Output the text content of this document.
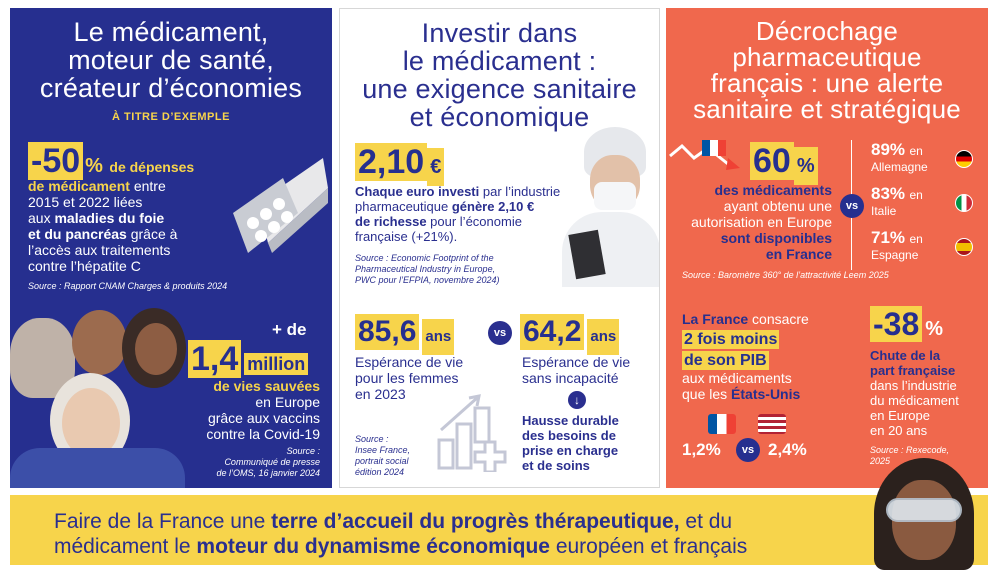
Le médicament,
moteur de santé,
créateur d’économies
À TITRE D’EXEMPLE
-50 % de dépenses
de médicament entre
2015 et 2022 liées
aux maladies du foie
et du pancréas grâce à
l’accès aux traitements
contre l’hépatite C
Source : Rapport CNAM Charges & produits 2024
+ de
1,4 million
de vies sauvées
en Europe
grâce aux vaccins
contre la Covid-19
Source :
Communiqué de presse
de l’OMS, 16 janvier 2024
Investir dans
le médicament :
une exigence sanitaire
et économique
2,10 €
Chaque euro investi par l’industrie
pharmaceutique génère 2,10 €
de richesse pour l’économie
française (+21%).
Source : Economic Footprint of the
Pharmaceutical Industry in Europe,
PWC pour l’EFPIA, novembre 2024)
85,6 ans	vs 64,2 ans
Espérance de vie
pour les femmes
en 2023
Espérance de vie
sans incapacité
↓
Hausse durable
des besoins de
prise en charge
et de soins
Source :
Insee France,
portrait social
édition 2024
Décrochage
pharmaceutique
français : une alerte
sanitaire et stratégique
60 %
des médicaments
ayant obtenu une
autorisation en Europe
sont disponibles
en France
vs
89% en
Allemagne
83% en
Italie
71% en
Espagne
Source : Baromètre 360° de l’attractivité Leem 2025
La France consacre
2 fois moins
de son PIB
aux médicaments
que les États-Unis
1,2%	vs 2,4%
-38 %
Chute de la
part française
dans l’industrie
du médicament
en Europe
en 20 ans
Source : Rexecode,
2025
Faire de la France une terre d’accueil du progrès thérapeutique, et du
médicament le moteur du dynamisme économique européen et français
